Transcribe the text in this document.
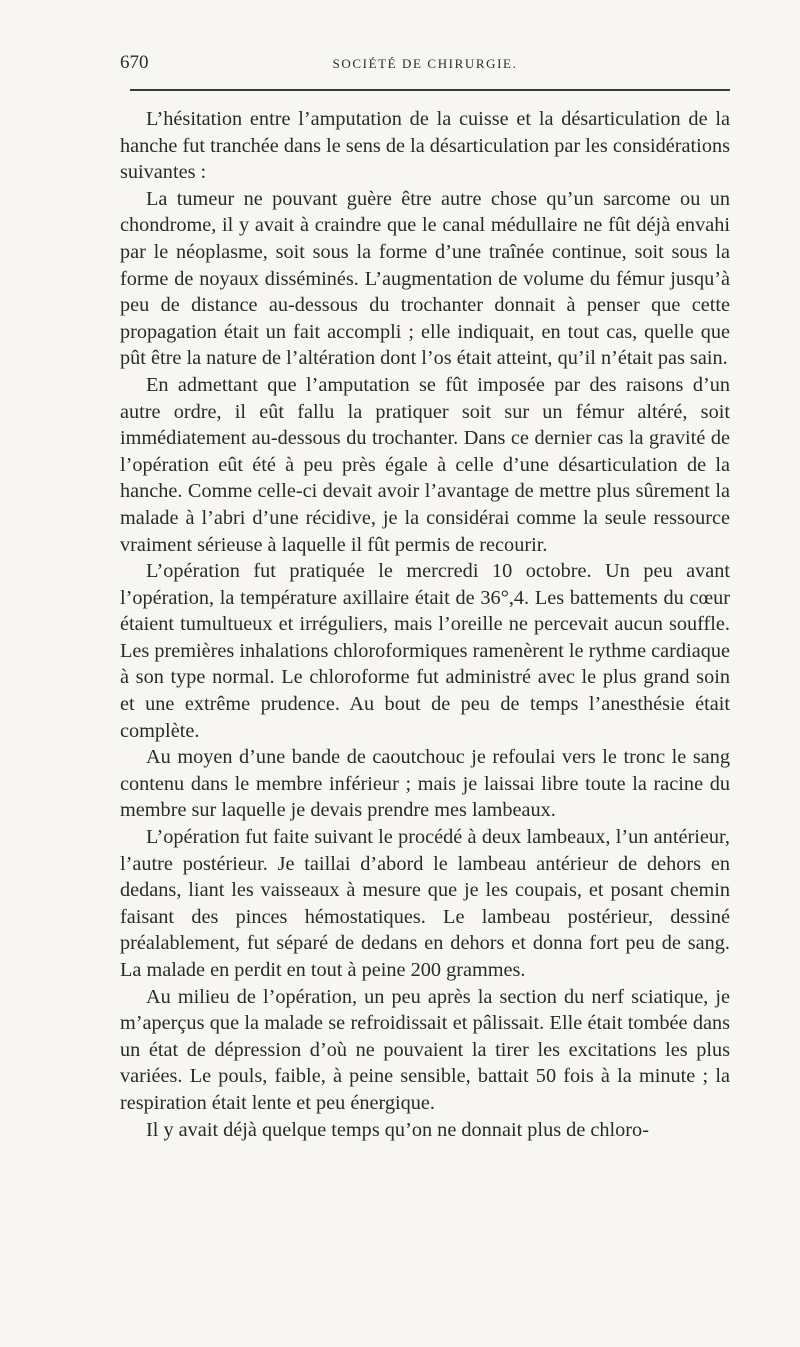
670	SOCIÉTÉ DE CHIRURGIE.

L’hésitation entre l’amputation de la cuisse et la désarticulation de la hanche fut tranchée dans le sens de la désarticulation par les considérations suivantes :

La tumeur ne pouvant guère être autre chose qu’un sarcome ou un chondrome, il y avait à craindre que le canal médullaire ne fût déjà envahi par le néoplasme, soit sous la forme d’une traînée continue, soit sous la forme de noyaux disséminés. L’augmentation de volume du fémur jusqu’à peu de distance au-dessous du trochanter donnait à penser que cette propagation était un fait accompli ; elle indiquait, en tout cas, quelle que pût être la nature de l’altération dont l’os était atteint, qu’il n’était pas sain.

En admettant que l’amputation se fût imposée par des raisons d’un autre ordre, il eût fallu la pratiquer soit sur un fémur altéré, soit immédiatement au-dessous du trochanter. Dans ce dernier cas la gravité de l’opération eût été à peu près égale à celle d’une désarticulation de la hanche. Comme celle-ci devait avoir l’avantage de mettre plus sûrement la malade à l’abri d’une récidive, je la considérai comme la seule ressource vraiment sérieuse à laquelle il fût permis de recourir.

L’opération fut pratiquée le mercredi 10 octobre. Un peu avant l’opération, la température axillaire était de 36°,4. Les battements du cœur étaient tumultueux et irréguliers, mais l’oreille ne percevait aucun souffle. Les premières inhalations chloroformiques ramenèrent le rythme cardiaque à son type normal. Le chloroforme fut administré avec le plus grand soin et une extrême prudence. Au bout de peu de temps l’anesthésie était complète.

Au moyen d’une bande de caoutchouc je refoulai vers le tronc le sang contenu dans le membre inférieur ; mais je laissai libre toute la racine du membre sur laquelle je devais prendre mes lambeaux.

L’opération fut faite suivant le procédé à deux lambeaux, l’un antérieur, l’autre postérieur. Je taillai d’abord le lambeau antérieur de dehors en dedans, liant les vaisseaux à mesure que je les coupais, et posant chemin faisant des pinces hémostatiques. Le lambeau postérieur, dessiné préalablement, fut séparé de dedans en dehors et donna fort peu de sang. La malade en perdit en tout à peine 200 grammes.

Au milieu de l’opération, un peu après la section du nerf sciatique, je m’aperçus que la malade se refroidissait et pâlissait. Elle était tombée dans un état de dépression d’où ne pouvaient la tirer les excitations les plus variées. Le pouls, faible, à peine sensible, battait 50 fois à la minute ; la respiration était lente et peu énergique.

Il y avait déjà quelque temps qu’on ne donnait plus de chloro-
